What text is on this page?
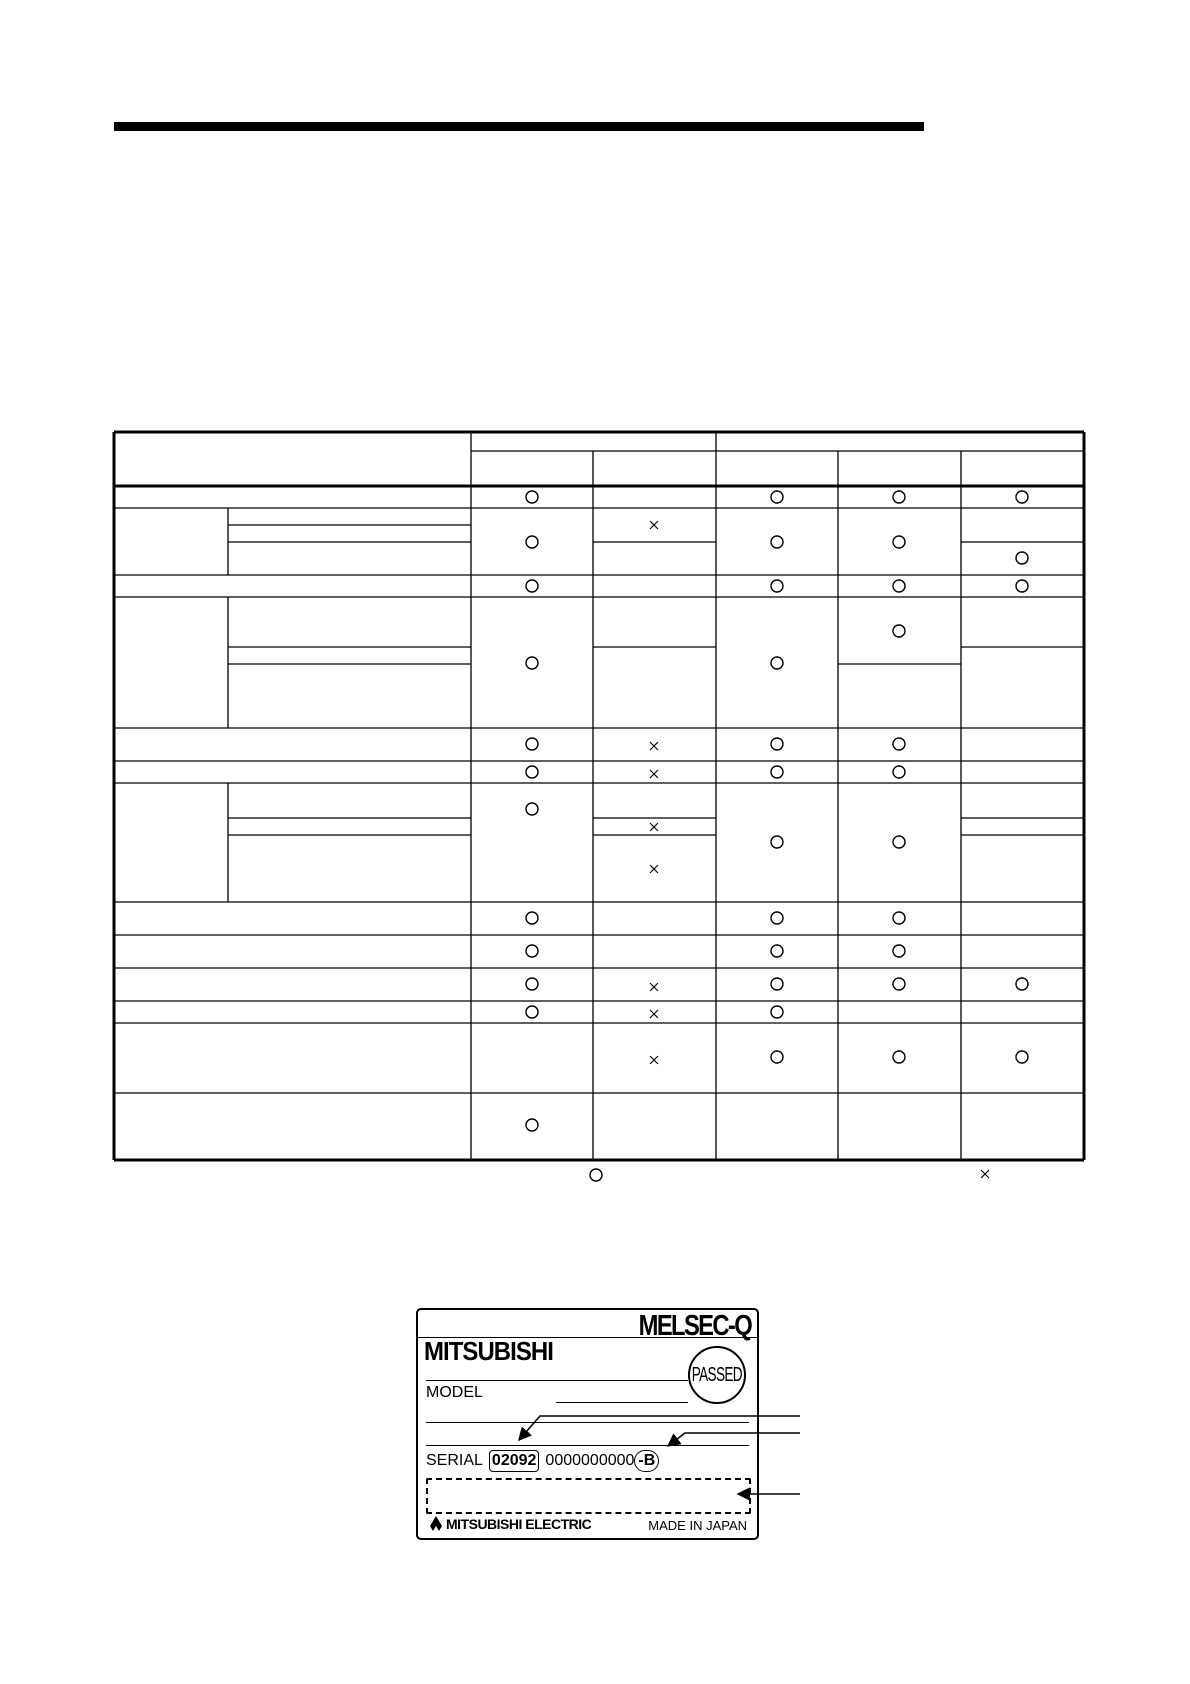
MELSEC-Q
MITSUBISHI
PASSED
MODEL
SERIAL 02092 0000000000 -B
MITSUBISHI ELECTRIC	MADE IN JAPAN
